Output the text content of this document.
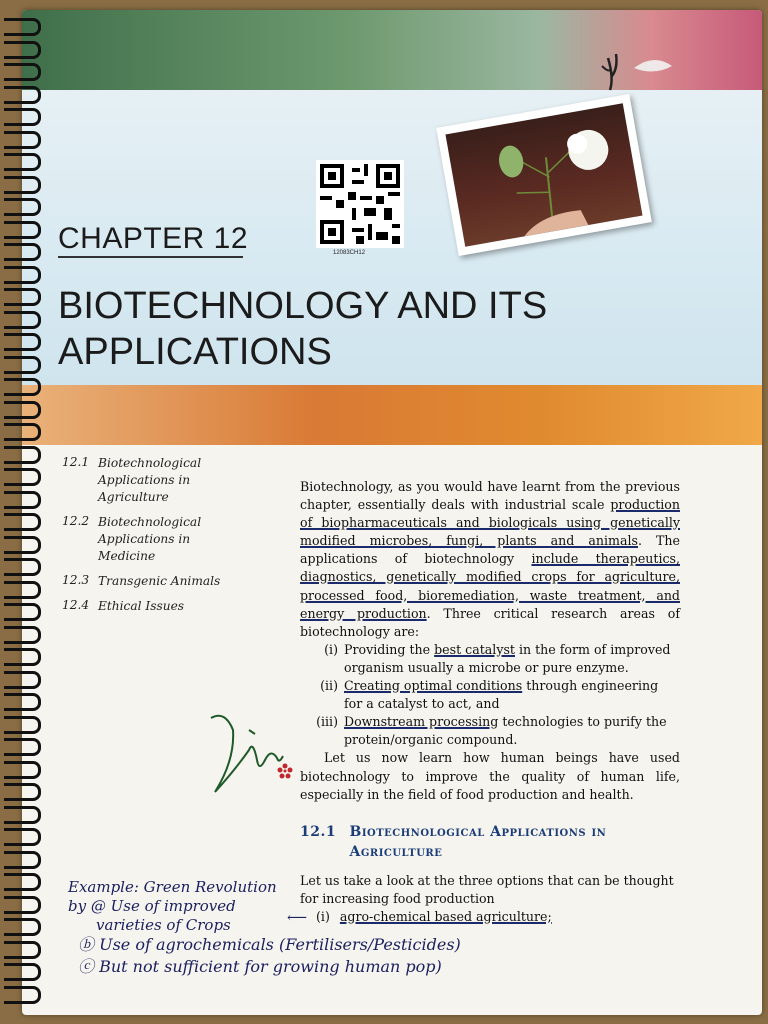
12083CH12
CHAPTER 12
BIOTECHNOLOGY AND ITS
APPLICATIONS
12.1 Biotechnological Applications in Agriculture
12.2 Biotechnological Applications in Medicine
12.3 Transgenic Animals
12.4 Ethical Issues

Biotechnology, as you would have learnt from the previous chapter, essentially deals with industrial scale production of biopharmaceuticals and biologicals using genetically modified microbes, fungi, plants and animals. The applications of biotechnology include therapeutics, diagnostics, genetically modified crops for agriculture, processed food, bioremediation, waste treatment, and energy production. Three critical research areas of biotechnology are:

(i) Providing the best catalyst in the form of improved organism usually a microbe or pure enzyme.
(ii) Creating optimal conditions through engineering for a catalyst to act, and
(iii) Downstream processing technologies to purify the protein/organic compound.

Let us now learn how human beings have used biotechnology to improve the quality of human life, especially in the field of food production and health.

12.1 Biotechnological Applications in Agriculture
Let us take a look at the three options that can be thought for increasing food production
(i) agro-chemical based agriculture;
Example: Green Revolution
by @ Use of improved
varieties of Crops	⟵
ⓑ Use of agrochemicals (Fertilisers/Pesticides)
ⓒ But not sufficient for growing human pop)
